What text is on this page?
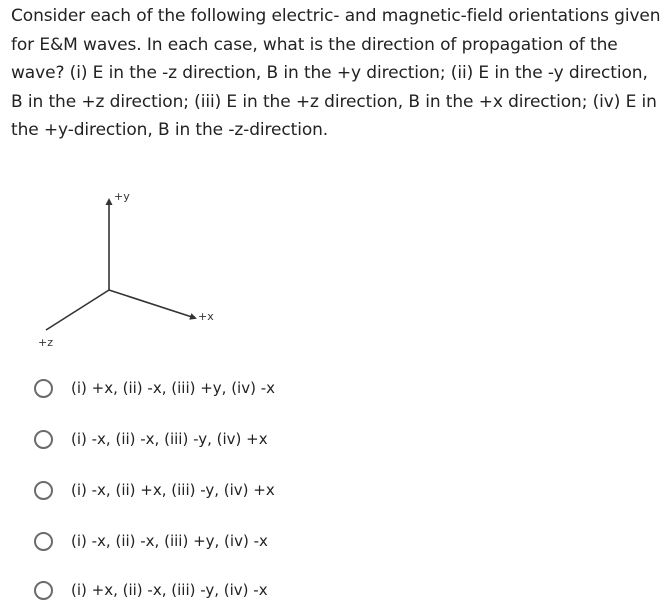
Consider each of the following electric- and magnetic-field orientations given for E&M waves. In each case, what is the direction of propagation of the wave? (i) E in the -z direction, B in the +y direction; (ii) E in the -y direction, B in the +z direction; (iii) E in the +z direction, B in the +x direction; (iv) E in the +y-direction, B in the -z-direction.
+y
+x
+z
(i) +x, (ii) -x, (iii) +y, (iv) -x
(i) -x, (ii) -x, (iii) -y, (iv) +x
(i) -x, (ii) +x, (iii) -y, (iv) +x
(i) -x, (ii) -x, (iii) +y, (iv) -x
(i) +x, (ii) -x, (iii) -y, (iv) -x
